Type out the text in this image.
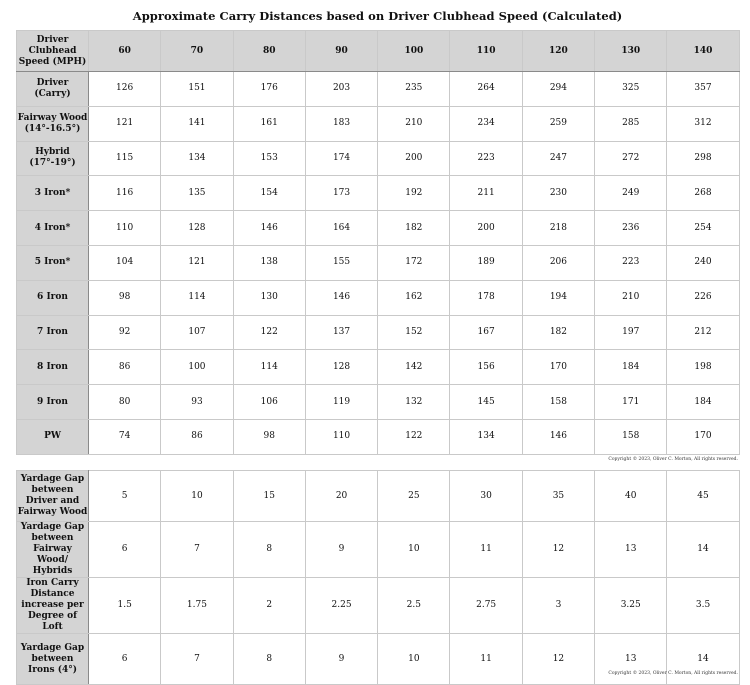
Approximate Carry Distances based on Driver Clubhead Speed (Calculated)
Driver Clubhead Speed (MPH)	60	70	80	90	100	110	120	130	140
Driver (Carry)	126	151	176	203	235	264	294	325	357
Fairway Wood (14°-16.5°)	121	141	161	183	210	234	259	285	312
Hybrid (17°-19°)	115	134	153	174	200	223	247	272	298
3 Iron*	116	135	154	173	192	211	230	249	268
4 Iron*	110	128	146	164	182	200	218	236	254
5 Iron*	104	121	138	155	172	189	206	223	240
6 Iron	98	114	130	146	162	178	194	210	226
7 Iron	92	107	122	137	152	167	182	197	212
8 Iron	86	100	114	128	142	156	170	184	198
9 Iron	80	93	106	119	132	145	158	171	184
PW	74	86	98	110	122	134	146	158	170
Copyright © 2023, Oliver C. Morton, All rights reserved.
Yardage Gap between Driver and Fairway Wood	5	10	15	20	25	30	35	40	45
Yardage Gap between Fairway Wood/ Hybrids	6	7	8	9	10	11	12	13	14
Iron Carry Distance increase per Degree of Loft	1.5	1.75	2	2.25	2.5	2.75	3	3.25	3.5
Yardage Gap between Irons (4°)	6	7	8	9	10	11	12	13	14
Copyright © 2023, Oliver C. Morton, All rights reserved.
